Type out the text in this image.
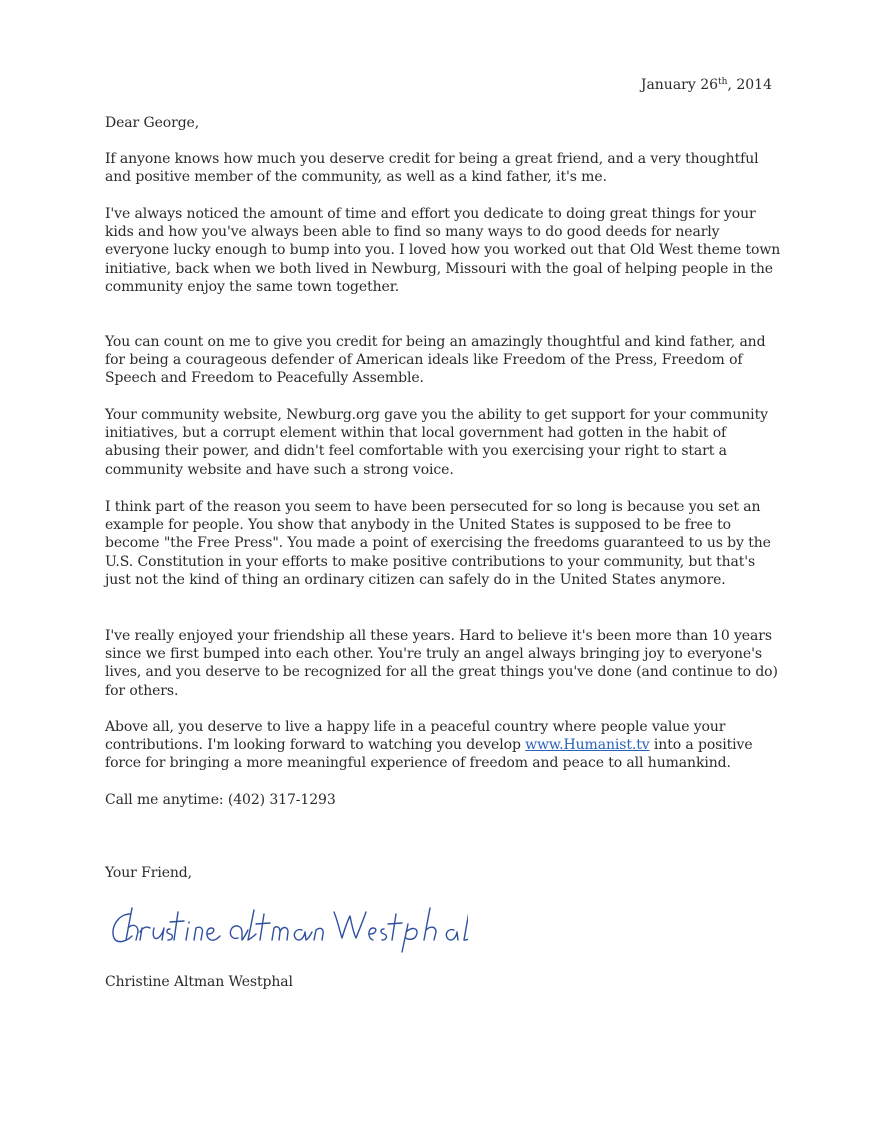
January 26th, 2014

Dear George,

If anyone knows how much you deserve credit for being a great friend, and a very thoughtful and positive member of the community, as well as a kind father, it's me.

I've always noticed the amount of time and effort you dedicate to doing great things for your kids and how you've always been able to find so many ways to do good deeds for nearly everyone lucky enough to bump into you. I loved how you worked out that Old West theme town initiative, back when we both lived in Newburg, Missouri with the goal of helping people in the community enjoy the same town together.

You can count on me to give you credit for being an amazingly thoughtful and kind father, and for being a courageous defender of American ideals like Freedom of the Press, Freedom of Speech and Freedom to Peacefully Assemble.

Your community website, Newburg.org gave you the ability to get support for your community initiatives, but a corrupt element within that local government had gotten in the habit of abusing their power, and didn't feel comfortable with you exercising your right to start a community website and have such a strong voice.

I think part of the reason you seem to have been persecuted for so long is because you set an example for people. You show that anybody in the United States is supposed to be free to become "the Free Press". You made a point of exercising the freedoms guaranteed to us by the U.S. Constitution in your efforts to make positive contributions to your community, but that's just not the kind of thing an ordinary citizen can safely do in the United States anymore.

I've really enjoyed your friendship all these years. Hard to believe it's been more than 10 years since we first bumped into each other. You're truly an angel always bringing joy to everyone's lives, and you deserve to be recognized for all the great things you've done (and continue to do) for others.

Above all, you deserve to live a happy life in a peaceful country where people value your contributions. I'm looking forward to watching you develop www.Humanist.tv into a positive force for bringing a more meaningful experience of freedom and peace to all humankind.

Call me anytime: (402) 317-1293

Your Friend,

Christine Altman Westphal
